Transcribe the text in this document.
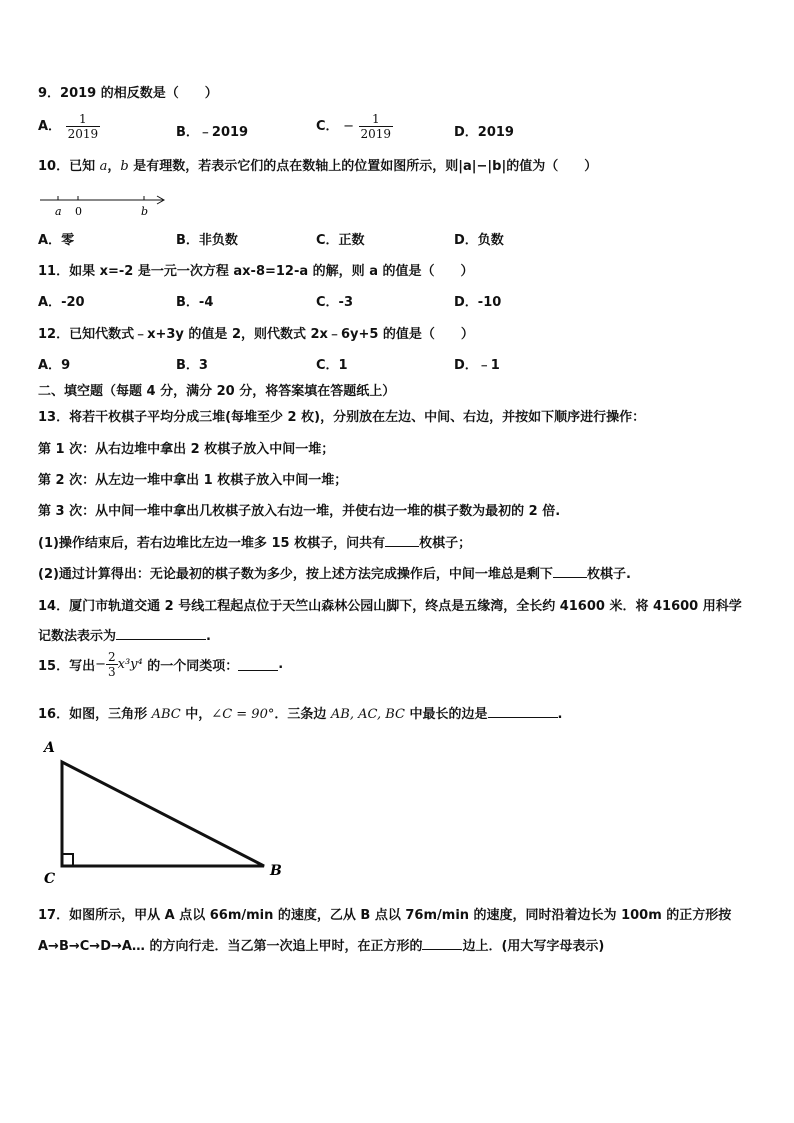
9．2019 的相反数是（　　）
A． $\frac{1}{2019}$	B．﹣2019	C． − $\frac{1}{2019}$	D．2019
10．已知 a，b 是有理数，若表示它们的点在数轴上的位置如图所示，则|a|−|b|的值为（　　）
a 0	b
A．零	B．非负数	C．正数	D．负数
11．如果 x=-2 是一元一次方程 ax-8=12-a 的解，则 a 的值是（　　）
A．-20	B．-4	C．-3	D．-10
12．已知代数式﹣x+3y 的值是 2，则代数式 2x﹣6y+5 的值是（　　）
A．9	B．3	C．1	D．﹣1
二、填空题（每题 4 分，满分 20 分，将答案填在答题纸上）
13．将若干枚棋子平均分成三堆(每堆至少 2 枚)，分别放在左边、中间、右边，并按如下顺序进行操作：
第 1 次：从右边堆中拿出 2 枚棋子放入中间一堆；
第 2 次：从左边一堆中拿出 1 枚棋子放入中间一堆；
第 3 次：从中间一堆中拿出几枚棋子放入右边一堆，并使右边一堆的棋子数为最初的 2 倍.
(1)操作结束后，若右边堆比左边一堆多 15 枚棋子，问共有	枚棋子；
(2)通过计算得出：无论最初的棋子数为多少，按上述方法完成操作后，中间一堆总是剩下	枚棋子.
14．厦门市轨道交通 2 号线工程起点位于天竺山森林公园山脚下，终点是五缘湾，全长约 41600 米．将 41600 用科学
记数法表示为	.
15．写出− $\frac{2}{3} x^3y^4$ 的一个同类项：	.
16．如图，三角形 ABC 中，∠C = 90°．三条边 AB, AC, BC 中最长的边是	.
A
C	B
17．如图所示，甲从 A 点以 66m/min 的速度，乙从 B 点以 76m/min 的速度，同时沿着边长为 100m 的正方形按
A→B→C→D→A… 的方向行走．当乙第一次追上甲时，在正方形的	边上．(用大写字母表示)
